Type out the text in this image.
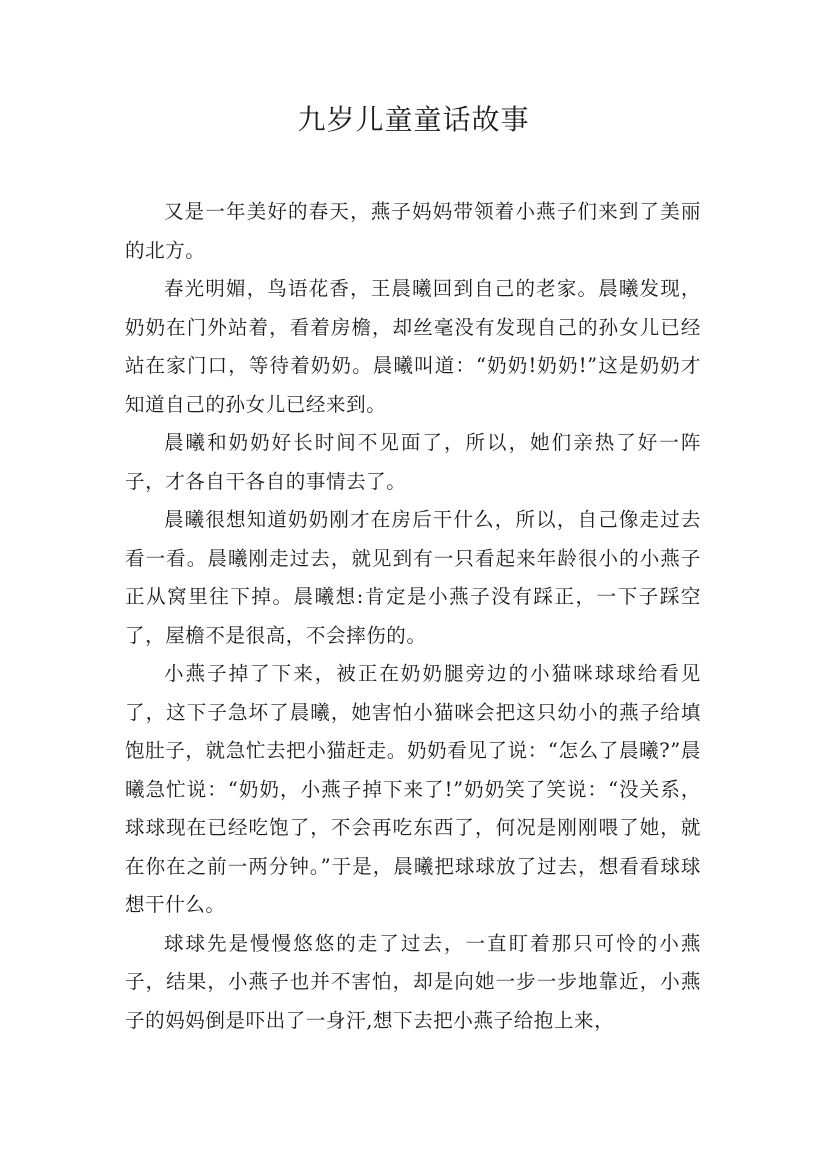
九岁儿童童话故事

又是一年美好的春天，燕子妈妈带领着小燕子们来到了美丽的北方。

春光明媚，鸟语花香，王晨曦回到自己的老家。晨曦发现，奶奶在门外站着，看着房檐，却丝毫没有发现自己的孙女儿已经站在家门口，等待着奶奶。晨曦叫道：“奶奶!奶奶!”这是奶奶才知道自己的孙女儿已经来到。

晨曦和奶奶好长时间不见面了，所以，她们亲热了好一阵子，才各自干各自的事情去了。

晨曦很想知道奶奶刚才在房后干什么，所以，自己像走过去看一看。晨曦刚走过去，就见到有一只看起来年龄很小的小燕子正从窝里往下掉。晨曦想:肯定是小燕子没有踩正，一下子踩空了，屋檐不是很高，不会摔伤的。

小燕子掉了下来，被正在奶奶腿旁边的小猫咪球球给看见了，这下子急坏了晨曦，她害怕小猫咪会把这只幼小的燕子给填饱肚子，就急忙去把小猫赶走。奶奶看见了说：“怎么了晨曦?”晨曦急忙说：“奶奶，小燕子掉下来了!”奶奶笑了笑说：“没关系，球球现在已经吃饱了，不会再吃东西了，何况是刚刚喂了她，就在你在之前一两分钟。”于是，晨曦把球球放了过去，想看看球球想干什么。

球球先是慢慢悠悠的走了过去，一直盯着那只可怜的小燕子，结果，小燕子也并不害怕，却是向她一步一步地靠近，小燕子的妈妈倒是吓出了一身汗,想下去把小燕子给抱上来，
